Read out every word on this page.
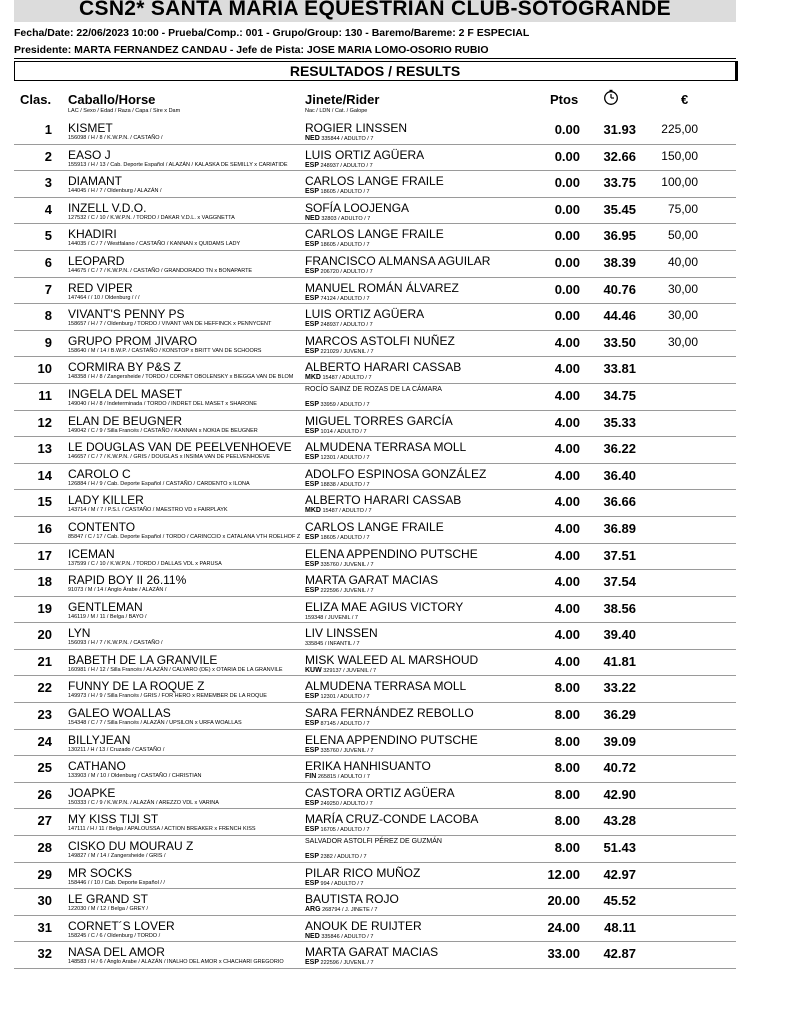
CSN2* SANTA MARIA EQUESTRIAN CLUB-SOTOGRANDE
Fecha/Date: 22/06/2023 10:00 - Prueba/Comp.: 001 - Grupo/Group: 130 - Baremo/Bareme: 2 F ESPECIAL
Presidente: MARTA FERNANDEZ CANDAU - Jefe de Pista: JOSE MARIA LOMO-OSORIO RUBIO
RESULTADOS / RESULTS
Clas. Caballo/Horse
LAC / Sexo / Edad / Raza / Capa / Sire x Dam
Jinete/Rider
Nac / LDN / Cat. / Galope
Ptos	€
1 KISMET
156098 / H / 8 / K.W.P.N. / CASTAÑO /
ROGIER LINSSEN
NED 335844 / ADULTO / 7
0.00	31.93	225,00
2 EASO J
155913 / H / 13 / Cab. Deporte Español / ALAZÁN / KALASKA DE SEMILLY x CARIATIDE
LUIS ORTIZ AGÜERA
ESP 248937 / ADULTO / 7
0.00	32.66	150,00
3 DIAMANT
144045 / H / 7 / Oldenburg / ALAZÁN /
CARLOS LANGE FRAILE
ESP 18605 / ADULTO / 7
0.00	33.75	100,00
4 INZELL V.D.O.
127532 / C / 10 / K.W.P.N. / TORDO / DAKAR V.D.L. x VAGGNETTA
SOFÍA LOOJENGA
NED 32803 / ADULTO / 7
0.00	35.45	75,00
5 KHADIRI
144035 / C / 7 / Westfalano / CASTAÑO / KANNAN x QUIDAMS LADY
CARLOS LANGE FRAILE
ESP 18605 / ADULTO / 7
0.00	36.95	50,00
6 LEOPARD
144675 / C / 7 / K.W.P.N. / CASTAÑO / GRANDORADO TN x BONAPARTE
FRANCISCO ALMANSA AGUILAR
ESP 206720 / ADULTO / 7
0.00	38.39	40,00
7 RED VIPER
147464 / / 10 / Oldenburg / / /
MANUEL ROMÁN ÁLVAREZ
ESP 74124 / ADULTO / 7
0.00	40.76	30,00
8 VIVANT'S PENNY PS
158657 / H / 7 / Oldenburg / TORDO / VIVANT VAN DE HEFFINCK x PENNYCENT
LUIS ORTIZ AGÜERA
ESP 248937 / ADULTO / 7
0.00	44.46	30,00
9 GRUPO PROM JIVARO
158640 / M / 14 / B.W.P. / CASTAÑO / KONSTOP x BRITT VAN DE SCHOORS
MARCOS ASTOLFI NUÑEZ
ESP 221029 / JUVENIL / 7
4.00	33.50	30,00
10 CORMIRA BY P&S Z
148358 / H / 8 / Zangersheide / TORDO / CORNET OBOLENSKY x BIEGGA VAN DE BLOM
ALBERTO HARARI CASSAB
MKD 15487 / ADULTO / 7
4.00	33.81
11 INGELA DEL MASET
149040 / H / 8 / Indeterminada / TORDO / INDRET DEL MASET x SHARONE
ROCÍO SAINZ DE ROZAS DE LA CÁMARA
ESP 33959 / ADULTO / 7
4.00	34.75
12 ELAN DE BEUGNER
149042 / C / 9 / Silla Francés / CASTAÑO / KANNAN x NOKIA DE BEUGNER
MIGUEL TORRES GARCÍA
ESP 1014 / ADULTO / 7
4.00	35.33
13 LE DOUGLAS VAN DE PEELVENHOEVE
146657 / C / 7 / K.W.P.N. / GRIS / DOUGLAS x INSIMA VAN DE PEELVENHOEVE
ALMUDENA TERRASA MOLL
ESP 12301 / ADULTO / 7
4.00	36.22
14 CAROLO C
126884 / H / 9 / Cab. Deporte Español / CASTAÑO / CARDENTO x ILONA
ADOLFO ESPINOSA GONZÁLEZ
ESP 18838 / ADULTO / 7
4.00	36.40
15 LADY KILLER
143714 / M / 7 / P.S.I. / CASTAÑO / MAESTRO VD x FAIRPLAYK
ALBERTO HARARI CASSAB
MKD 15487 / ADULTO / 7
4.00	36.66
16 CONTENTO
85847 / C / 17 / Cab. Deporte Español / TORDO / CARINCCIO x CATALANA VTH ROELHOF Z
CARLOS LANGE FRAILE
ESP 18605 / ADULTO / 7
4.00	36.89
17 ICEMAN
137599 / C / 10 / K.W.P.N. / TORDO / DALLAS VDL x PARUSA
ELENA APPENDINO PUTSCHE
ESP 335760 / JUVENIL / 7
4.00	37.51
18 RAPID BOY II 26.11%
91073 / M / 14 / Anglo Árabe / ALAZÁN /
MARTA GARAT MACIAS
ESP 222596 / JUVENIL / 7
4.00	37.54
19 GENTLEMAN
146119 / M / 11 / Belga / BAYO /
ELIZA MAE AGIUS VICTORY
159348 / JUVENIL / 7
4.00	38.56
20 LYN
156093 / H / 7 / K.W.P.N. / CASTAÑO /
LIV LINSSEN
335845 / INFANTIL / 7
4.00	39.40
21 BABETH DE LA GRANVILE
160981 / H / 12 / Silla Francés / ALAZÁN / CALVARO (DE) x OTARIA DE LA GRANVILE
MISK WALEED AL MARSHOUD
KUW 329137 / JUVENIL / 7
4.00	41.81
22 FUNNY DE LA ROQUE Z
149973 / H / 9 / Silla Francés / GRIS / FOR HERO x REMEMBER DE LA ROQUE
ALMUDENA TERRASA MOLL
ESP 12301 / ADULTO / 7
8.00	33.22
23 GALEO WOALLAS
154348 / C / 7 / Silla Francés / ALAZÁN / UPSILON x URFA WOALLAS
SARA FERNÁNDEZ REBOLLO
ESP 87145 / ADULTO / 7
8.00	36.29
24 BILLYJEAN
130211 / H / 13 / Cruzado / CASTAÑO /
ELENA APPENDINO PUTSCHE
ESP 335760 / JUVENIL / 7
8.00	39.09
25 CATHANO
133903 / M / 10 / Oldenburg / CASTAÑO / CHRISTIAN
ERIKA HANHISUANTO
FIN 265815 / ADULTO / 7
8.00	40.72
26 JOAPKE
150333 / C / 9 / K.W.P.N. / ALAZÁN / AREZZO VDL x VARINA
CASTORA ORTIZ AGÜERA
ESP 249250 / ADULTO / 7
8.00	42.90
27 MY KISS TIJI ST
147111 / H / 11 / Belga / APALOUSSA / ACTION BREAKER x FRENCH KISS
MARÍA CRUZ-CONDE LACOBA
ESP 16705 / ADULTO / 7
8.00	43.28
28 CISKO DU MOURAU Z
149827 / M / 14 / Zangersheide / GRIS /
SALVADOR ASTOLFI PÉREZ DE GUZMÁN
ESP 2382 / ADULTO / 7
8.00	51.43
29 MR SOCKS
158446 / / 10 / Cab. Deporte Español / /
PILAR RICO MUÑOZ
ESP 994 / ADULTO / 7
12.00	42.97
30 LE GRAND ST
122030 / M / 12 / Belga / GREY /
BAUTISTA ROJO
ARG 268794 / J. JINETE / 7
20.00	45.52
31 CORNET´S LOVER
158245 / C / 6 / Oldenburg / TORDO /
ANOUK DE RUIJTER
NED 335846 / ADULTO / 7
24.00	48.11
32 NASA DEL AMOR
148583 / H / 6 / Anglo Arabe / ALAZÁN / INALHO DEL AMOR x CHACHARI GREGORIO
MARTA GARAT MACIAS
ESP 222596 / JUVENIL / 7
33.00	42.87
